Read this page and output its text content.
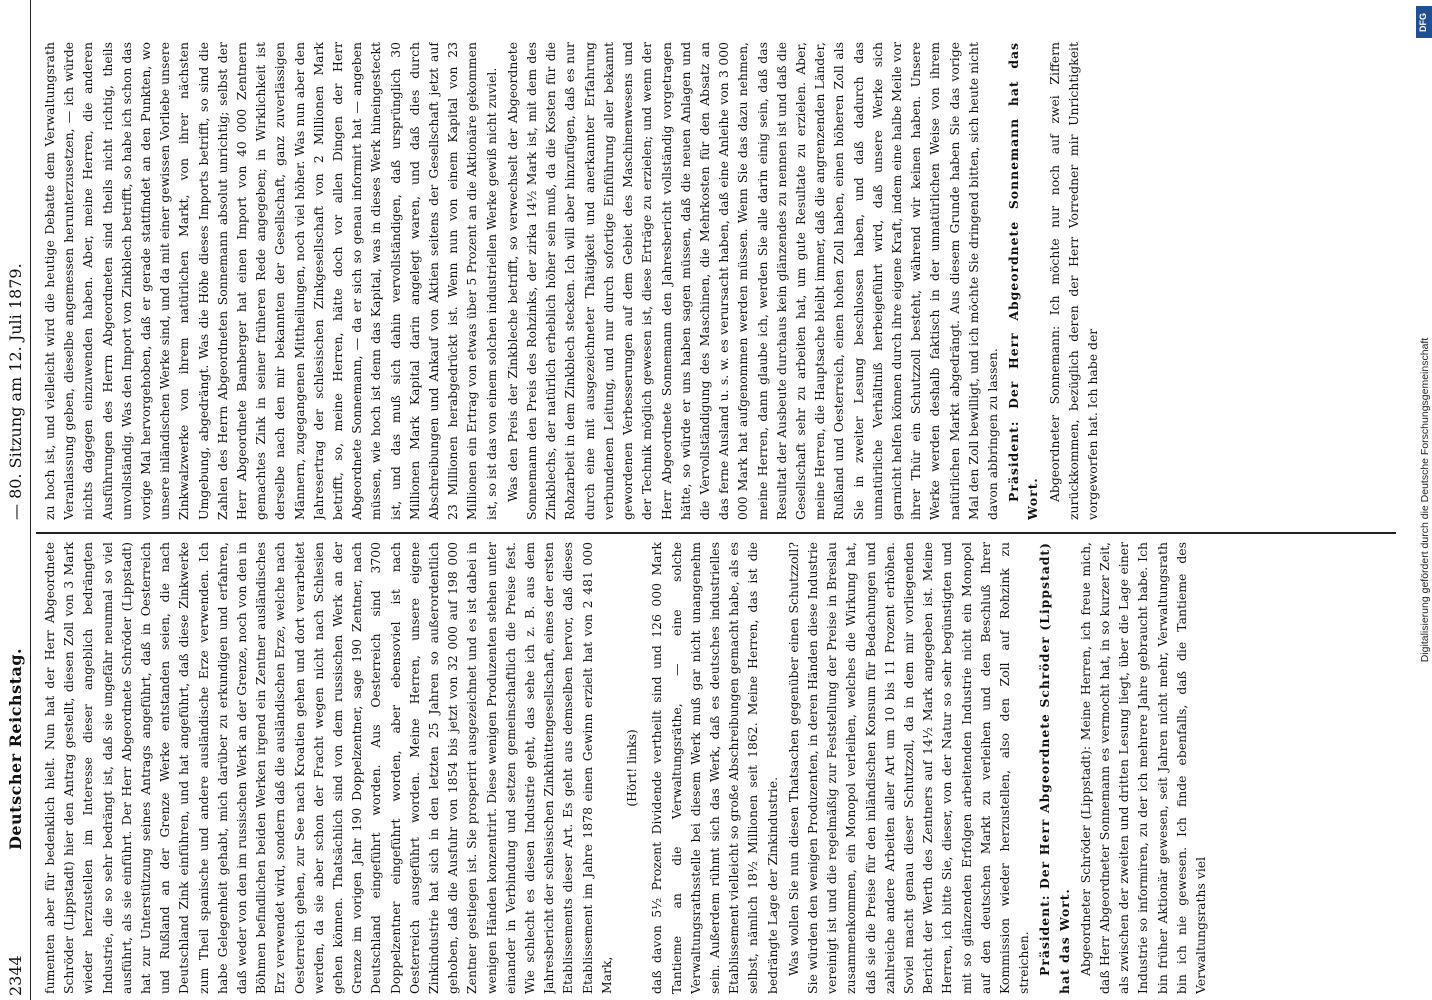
2344
Deutscher Reichstag.
— 80. Sitzung am 12. Juli 1879.

fumenten aber für bedenklich hielt. Nun hat der Herr Abgeordnete Schröder (Lippstadt) hier den Antrag gestellt, diesen Zoll von 3 Mark wieder herzustellen im Interesse dieser angeblich bedrängten Industrie, die so sehr bedrängt ist, daß sie ungefähr neunmal so viel ausführt, als sie einführt. Der Herr Abgeordnete Schröder (Lippstadt) hat zur Unterstützung seines Antrags angeführt, daß in Oesterreich und Rußland an der Grenze Werke entstanden seien, die nach Deutschland Zink einführen, und hat angeführt, daß diese Zinkwerke zum Theil spanische und andere ausländische Erze verwenden. Ich habe Gelegenheit gehabt, mich darüber zu erkundigen und erfahren, daß weder von den im russischen Werk an der Grenze, noch von den in Böhmen befindlichen beiden Werken irgend ein Zentner ausländisches Erz verwendet wird, sondern daß die ausländischen Erze, welche nach Oesterreich gehen, zur See nach Kroatien gehen und dort verarbeitet werden, da sie aber schon der Fracht wegen nicht nach Schlesien gehen können. Thatsächlich sind von dem russischen Werk an der Grenze im vorigen Jahr 190 Doppelzentner, sage 190 Zentner, nach Deutschland eingeführt worden. Aus Oesterreich sind 3700 Doppelzentner eingeführt worden, aber ebensoviel ist nach Oesterreich ausgeführt worden. Meine Herren, unsere eigene Zinkindustrie hat sich in den letzten 25 Jahren so außerordentlich gehoben, daß die Ausfuhr von 1854 bis jetzt von 32 000 auf 198 000 Zentner gestiegen ist. Sie prosperirt ausgezeichnet und es ist dabei in wenigen Händen konzentrirt. Diese wenigen Produzenten stehen unter einander in Verbindung und setzen gemeinschaftlich die Preise fest. Wie schlecht es diesen Industrie geht, das sehe ich z. B. aus dem Jahresbericht der schlesischen Zinkhüttengesellschaft, eines der ersten Etablissements dieser Art. Es geht aus demselben hervor, daß dieses Etablissement im Jahre 1878 einen Gewinn erzielt hat von 2 481 000 Mark,

(Hört! links) daß davon 5½ Prozent Dividende vertheilt sind und 126 000 Mark Tantieme an die Verwaltungsräthe, — eine solche Verwaltungsrathsstelle bei diesem Werk muß gar nicht unangenehm sein. Außerdem rühmt sich das Werk, daß es deutsches industrielles Etablissement vielleicht so große Abschreibungen gemacht habe, als es selbst, nämlich 18½ Millionen seit 1862. Meine Herren, das ist die bedrängte Lage der Zinkindustrie. Was wollen Sie nun diesen Thatsachen gegenüber einen Schutzzoll? Sie würden den wenigen Produzenten, in deren Händen diese Industrie vereinigt ist und die regelmäßig zur Feststellung der Preise in Breslau zusammenkommen, ein Monopol verleihen, welches die Wirkung hat, daß sie die Preise für den inländischen Konsum für Bedachungen und zahlreiche andere Arbeiten aller Art um 10 bis 11 Prozent erhöhen. Soviel macht genau dieser Schutzzoll, da in dem mir vorliegenden Bericht der Werth des Zentners auf 14½ Mark angegeben ist. Meine Herren, ich bitte Sie, dieser, von der Natur so sehr begünstigten und mit so glänzenden Erfolgen arbeitenden Industrie nicht ein Monopol auf den deutschen Markt zu verleihen und den Beschluß Ihrer Kommission wieder herzustellen, also den Zoll auf Rohzink zu streichen. Präsident: Der Herr Abgeordnete Schröder (Lippstadt) hat das Wort. Abgeordneter Schröder (Lippstadt): Meine Herren, ich freue mich, daß Herr Abgeordneter Sonnemann es vermocht hat, in so kurzer Zeit, als zwischen der zweiten und dritten Lesung liegt, über die Lage einer Industrie so informiren, zu der ich mehrere Jahre gebraucht habe. Ich bin früher Aktionär gewesen, seit Jahren nicht mehr, Verwaltungsrath bin ich nie gewesen. Ich finde ebenfalls, daß die Tantieme des Verwaltungsraths viel

zu hoch ist, und vielleicht wird die heutige Debatte dem Verwaltungsrath Veranlassung geben, dieselbe angemessen herunterzusetzen, — ich würde nichts dagegen einzuwenden haben. Aber, meine Herren, die anderen Ausführungen des Herrn Abgeordneten sind theils nicht richtig, theils unvollständig. Was den Import von Zinkblech betrifft, so habe ich schon das vorige Mal hervorgehoben, daß er gerade stattfindet an den Punkten, wo unsere inländischen Werke sind, und da mit einer gewissen Vorliebe unsere Zinkwalzwerke von ihrem natürlichen Markt, von ihrer nächsten Umgebung, abgedrängt. Was die Höhe dieses Imports betrifft, so sind die Zahlen des Herrn Abgeordneten Sonnemann absolut unrichtig; selbst der Herr Abgeordnete Bamberger hat einen Import von 40 000 Zentnern gemachtes Zink in seiner früheren Rede angegeben; in Wirklichkeit ist derselbe nach den mir bekannten der Gesellschaft, ganz zuverlässigen Männern, zugegangenen Mittheilungen, noch viel höher. Was nun aber den Jahresertrag der schlesischen Zinkgesellschaft von 2 Millionen Mark betrifft, so, meine Herren, hätte doch vor allen Dingen der Herr Abgeordnete Sonnemann, — da er sich so genau informirt hat — angeben müssen, wie hoch ist denn das Kapital, was in dieses Werk hineingesteckt ist, und das muß sich dahin vervollständigen, daß ursprünglich 30 Millionen Mark Kapital darin angelegt waren, und daß dies durch Abschreibungen und Ankauf von Aktien seitens der Gesellschaft jetzt auf 23 Millionen herabgedrückt ist. Wenn nun von einem Kapital von 23 Millionen ein Ertrag von etwas über 5 Prozent an die Aktionäre gekommen ist, so ist das von einem solchen industriellen Werke gewiß nicht zuviel. Was den Preis der Zinkbleche betrifft, so verwechselt der Abgeordnete Sonnemann den Preis des Rohzinks, der zirka 14½ Mark ist, mit dem des Zinkblechs, der natürlich erheblich höher sein muß, da die Kosten für die Rohzarbeit in dem Zinkblech stecken. Ich will aber hinzufügen, daß es nur durch eine mit ausgezeichneter Thätigkeit und anerkannter Erfahrung verbundenen Leitung, und nur durch sofortige Einführung aller bekannt gewordenen Verbesserungen auf dem Gebiet des Maschinenwesens und der Technik möglich gewesen ist, diese Erträge zu erzielen; und wenn der Herr Abgeordnete Sonnemann den Jahresbericht vollständig vorgetragen hätte, so würde er uns haben sagen müssen, daß die neuen Anlagen und die Vervollständigung des Maschinen, die Mehrkosten für den Absatz an das ferne Ausland u. s. w. es verursacht haben, daß eine Anleihe von 3 000 000 Mark hat aufgenommen werden müssen. Wenn Sie das dazu nehmen, meine Herren, dann glaube ich, werden Sie alle darin einig sein, daß das Resultat der Ausbeute durchaus kein glänzendes zu nennen ist und daß die Gesellschaft sehr zu arbeiten hat, um gute Resultate zu erzielen. Aber, meine Herren, die Hauptsache bleibt immer, daß die angrenzenden Länder, Rußland und Oesterreich, einen hohen Zoll haben, einen höheren Zoll als Sie in zweiter Lesung beschlossen haben, und daß dadurch das unnatürliche Verhältniß herbeigeführt wird, daß unsere Werke sich garnicht helfen können durch ihre eigene Kraft, indem eine halbe Meile vor ihrer Thür ein Schutzzoll besteht, während wir keinen haben. Unsere Werke werden deshalb faktisch in der unnatürlichen Weise von ihrem natürlichen Markt abgedrängt. Aus diesem Grunde haben Sie das vorige Mal den Zoll bewilligt, und ich möchte Sie dringend bitten, sich heute nicht davon abbringen zu lassen. Präsident: Der Herr Abgeordnete Sonnemann hat das Wort. Abgeordneter Sonnemann: Ich möchte nur noch auf zwei Ziffern zurückkommen, bezüglich deren der Herr Vorredner mir Unrichtigkeit vorgeworfen hat. Ich habe der

DFG
Digitalisierung gefördert durch die Deutsche Forschungsgemeinschaft
